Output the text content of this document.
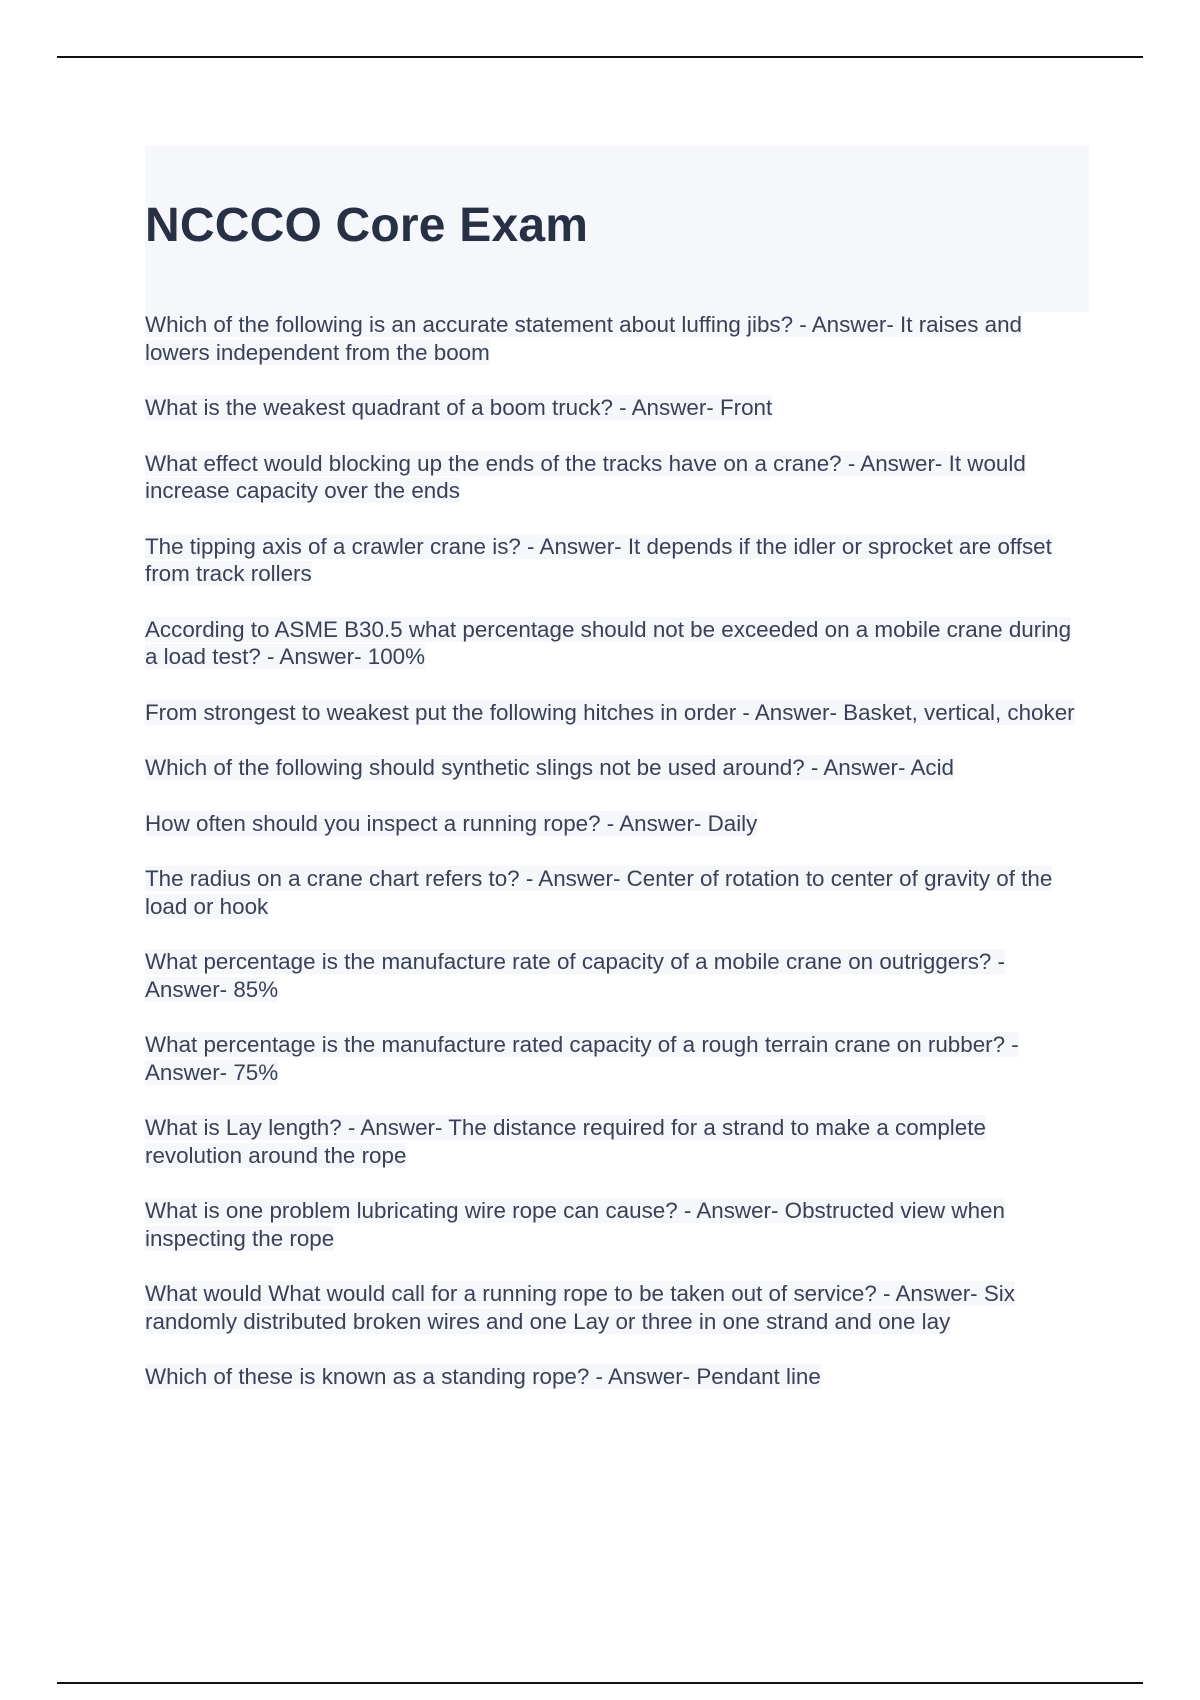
NCCCO Core Exam
Which of the following is an accurate statement about luffing jibs? - Answer- It raises and lowers independent from the boom
What is the weakest quadrant of a boom truck? - Answer- Front
What effect would blocking up the ends of the tracks have on a crane? - Answer- It would increase capacity over the ends
The tipping axis of a crawler crane is? - Answer- It depends if the idler or sprocket are offset from track rollers
According to ASME B30.5 what percentage should not be exceeded on a mobile crane during a load test? - Answer- 100%
From strongest to weakest put the following hitches in order - Answer- Basket, vertical, choker
Which of the following should synthetic slings not be used around? - Answer- Acid
How often should you inspect a running rope? - Answer- Daily
The radius on a crane chart refers to? - Answer- Center of rotation to center of gravity of the load or hook
What percentage is the manufacture rate of capacity of a mobile crane on outriggers? - Answer- 85%
What percentage is the manufacture rated capacity of a rough terrain crane on rubber? - Answer- 75%
What is Lay length? - Answer- The distance required for a strand to make a complete revolution around the rope
What is one problem lubricating wire rope can cause? - Answer- Obstructed view when inspecting the rope
What would What would call for a running rope to be taken out of service? - Answer- Six randomly distributed broken wires and one Lay or three in one strand and one lay
Which of these is known as a standing rope? - Answer- Pendant line
